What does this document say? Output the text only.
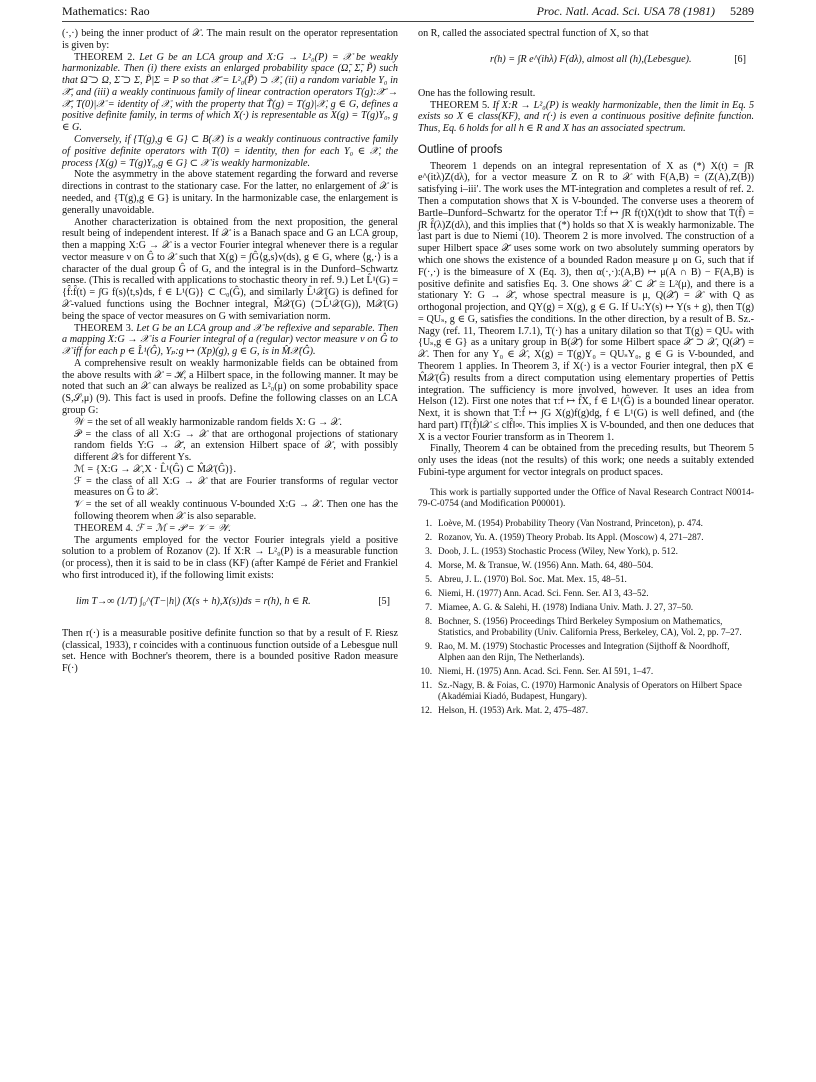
Mathematics: Rao	Proc. Natl. Acad. Sci. USA 78 (1981) 5289

(·,·) being the inner product of 𝒳. The main result on the operator representation is given by:

THEOREM 2. Let G be an LCA group and X:G → L²₀(P) = 𝒳 be weakly harmonizable. Then (i) there exists an enlarged probability space (Ω̃, Σ̃, P̃) such that Ω̃ ⊃ Ω, Σ̃ ⊃ Σ, P̃|Σ = P so that 𝒳̃ = L²₀(P̃) ⊃ 𝒳, (ii) a random variable Y₀ in 𝒳̃, and (iii) a weakly continuous family of linear contraction operators T(g):𝒳̃ → 𝒳̃, T(0)|𝒳 = identity of 𝒳, with the property that T̃(g) = T(g)|𝒳, g ∈ G, defines a positive definite family, in terms of which X(·) is representable as X(g) = T(g)Y₀, g ∈ G.

Conversely, if {T(g),g ∈ G} ⊂ B(𝒳) is a weakly continuous contractive family of positive definite operators with T(0) = identity, then for each Y₀ ∈ 𝒳, the process {X(g) = T(g)Y₀,g ∈ G} ⊂ 𝒳 is weakly harmonizable.

Note the asymmetry in the above statement regarding the forward and reverse directions in contrast to the stationary case. For the latter, no enlargement of 𝒳 is needed, and {T(g),g ∈ G} is unitary. In the harmonizable case, the enlargement is generally unavoidable.

Another characterization is obtained from the next proposition, the general result being of independent interest. If 𝒳 is a Banach space and G an LCA group, then a mapping X:G → 𝒳 is a vector Fourier integral whenever there is a regular vector measure ν on Ĝ to 𝒳 such that X(g) = ∫Ĝ⟨g,s⟩ν(ds), g ∈ G, where ⟨g,·⟩ is a character of the dual group Ĝ of G, and the integral is in the Dunford–Schwartz sense. (This is recalled with applications to stochastic theory in ref. 9.) Let L̂¹(G) = {f̂:f̂(t) = ∫G f(s)⟨t,s⟩ds, f ∈ L¹(G)} ⊂ C₀(Ĝ), and similarly L̂¹𝒳(G) is defined for 𝒳-valued functions using the Bochner integral, M̂𝒳(G) (⊃L̂¹𝒳(G)), M𝒳(G) being the space of vector measures on G with semivariation norm.

THEOREM 3. Let G be an LCA group and 𝒳 be reflexive and separable. Then a mapping X:G → 𝒳 is a Fourier integral of a (regular) vector measure ν on Ĝ to 𝒳 iff for each p ∈ L̂¹(Ĝ), Yₚ:g ↦ (Xp)(g), g ∈ G, is in M̂𝒳(Ĝ).

A comprehensive result on weakly harmonizable fields can be obtained from the above results with 𝒳 = ℋ, a Hilbert space, in the following manner. It may be noted that such an 𝒳 can always be realized as L²₀(μ) on some probability space (S,𝒮,μ) (9). This fact is used in proofs. Define the following classes on an LCA group G:

𝒲 = the set of all weakly harmonizable random fields X: G → 𝒳.

𝒫 = the class of all X:G → 𝒳 that are orthogonal projections of stationary random fields Y:G → 𝒳̃, an extension Hilbert space of 𝒳, with possibly different 𝒳s for different Ys.

ℳ = {X:G → 𝒳,X · L̂¹(Ĝ) ⊂ M̂𝒳(Ĝ)}.

ℱ = the class of all X:G → 𝒳 that are Fourier transforms of regular vector measures on Ĝ to 𝒳.

𝒱 = the set of all weakly continuous V-bounded X:G → 𝒳. Then one has the following theorem when 𝒳 is also separable.

THEOREM 4. ℱ = ℳ = 𝒫 = 𝒱 = 𝒲.

The arguments employed for the vector Fourier integrals yield a positive solution to a problem of Rozanov (2). If X:R → L²₀(P) is a measurable function (or process), then it is said to be in class (KF) (after Kampé de Fériet and Frankiel who first introduced it), if the following limit exists:

lim T→∞ (1/T) ∫₀^(T−|h|) (X(s + h),X(s))ds = r(h), h ∈ R.	[5]

Then r(·) is a measurable positive definite function so that by a result of F. Riesz (classical, 1933), r coincides with a continuous function outside of a Lebesgue null set. Hence with Bochner's theorem, there is a bounded positive Radon measure F(·)

on R, called the associated spectral function of X, so that

r(h) = ∫R e^(ihλ) F(dλ), almost all (h),(Lebesgue).	[6]

One has the following result.

THEOREM 5. If X:R → L²₀(P) is weakly harmonizable, then the limit in Eq. 5 exists so X ∈ class(KF), and r(·) is even a continuous positive definite function. Thus, Eq. 6 holds for all h ∈ R and X has an associated spectrum.

Outline of proofs

Theorem 1 depends on an integral representation of X as (*) X(t) = ∫R e^(itλ)Z(dλ), for a vector measure Z on R to 𝒳 with F(A,B) = (Z(A),Z(B)) satisfying i–iii′. The work uses the MT-integration and completes a result of ref. 2. Then a computation shows that X is V-bounded. The converse uses a theorem of Bartle–Dunford–Schwartz for the operator T:f̂ ↦ ∫R f(t)X(t)dt to show that T(f̂) = ∫R f̂(λ)Z(dλ), and this implies that (*) holds so that X is weakly harmonizable. The last part is due to Niemi (10). Theorem 2 is more involved. The construction of a super Hilbert space 𝒳̃ uses some work on two absolutely summing operators by which one shows the existence of a bounded Radon measure μ on G, such that if F(·,·) is the bimeasure of X (Eq. 3), then α(·,·):(A,B) ↦ μ(A ∩ B) − F(A,B) is positive definite and satisfies Eq. 3. One shows 𝒳 ⊂ 𝒳̃ ≅ L²(μ), and there is a stationary Y: G → 𝒳̃, whose spectral measure is μ, Q(𝒳̃) = 𝒳 with Q as orthogonal projection, and QY(g) = X(g), g ∈ G. If Uₛ:Y(s) ↦ Y(s + g), then T(g) = QUₛ, g ∈ G, satisfies the conditions. In the other direction, by a result of B. Sz.-Nagy (ref. 11, Theorem I.7.1), T(·) has a unitary dilation so that T(g) = QUₛ with {Uₛ,g ∈ G} as a unitary group in B(𝒳̃) for some Hilbert space 𝒳̃ ⊃ 𝒳, Q(𝒳̃) = 𝒳. Then for any Y₀ ∈ 𝒳, X(g) = T(g)Y₀ = QUₛY₀, g ∈ G is V-bounded, and Theorem 1 applies. In Theorem 3, if X(·) is a vector Fourier integral, then pX ∈ M̂𝒳(Ĝ) results from a direct computation using elementary properties of Pettis integration. The sufficiency is more involved, however. It uses an idea from Helson (12). First one notes that τ:f ↦ f̂X, f ∈ L¹(Ĝ) is a bounded linear operator. Next, it is shown that T:f̂ ↦ ∫G X(g)f(g)dg, f ∈ L¹(G) is well defined, and (the hard part) ‖T(f̂)‖𝒳 ≤ c‖f̂‖∞. This implies X is V-bounded, and then one deduces that X is a vector Fourier transform as in Theorem 1.

Finally, Theorem 4 can be obtained from the preceding results, but Theorem 5 only uses the ideas (not the results) of this work; one needs a suitably extended Fubini-type argument for vector integrals on product spaces.

This work is partially supported under the Office of Naval Research Contract N0014-79-C-0754 (and Modification P00001).

1. Loève, M. (1954) Probability Theory (Van Nostrand, Princeton), p. 474.
2. Rozanov, Yu. A. (1959) Theory Probab. Its Appl. (Moscow) 4, 271–287.
3. Doob, J. L. (1953) Stochastic Process (Wiley, New York), p. 512.
4. Morse, M. & Transue, W. (1956) Ann. Math. 64, 480–504.
5. Abreu, J. L. (1970) Bol. Soc. Mat. Mex. 15, 48–51.
6. Niemi, H. (1977) Ann. Acad. Sci. Fenn. Ser. AI 3, 43–52.
7. Miamee, A. G. & Salehi, H. (1978) Indiana Univ. Math. J. 27, 37–50.
8. Bochner, S. (1956) Proceedings Third Berkeley Symposium on Mathematics, Statistics, and Probability (Univ. California Press, Berkeley, CA), Vol. 2, pp. 7–27.
9. Rao, M. M. (1979) Stochastic Processes and Integration (Sijthoff & Noordhoff, Alphen aan den Rijn, The Netherlands).
10. Niemi, H. (1975) Ann. Acad. Sci. Fenn. Ser. AI 591, 1–47.
11. Sz.-Nagy, B. & Foias, C. (1970) Harmonic Analysis of Operators on Hilbert Space (Akadémiai Kiadó, Budapest, Hungary).
12. Helson, H. (1953) Ark. Mat. 2, 475–487.
